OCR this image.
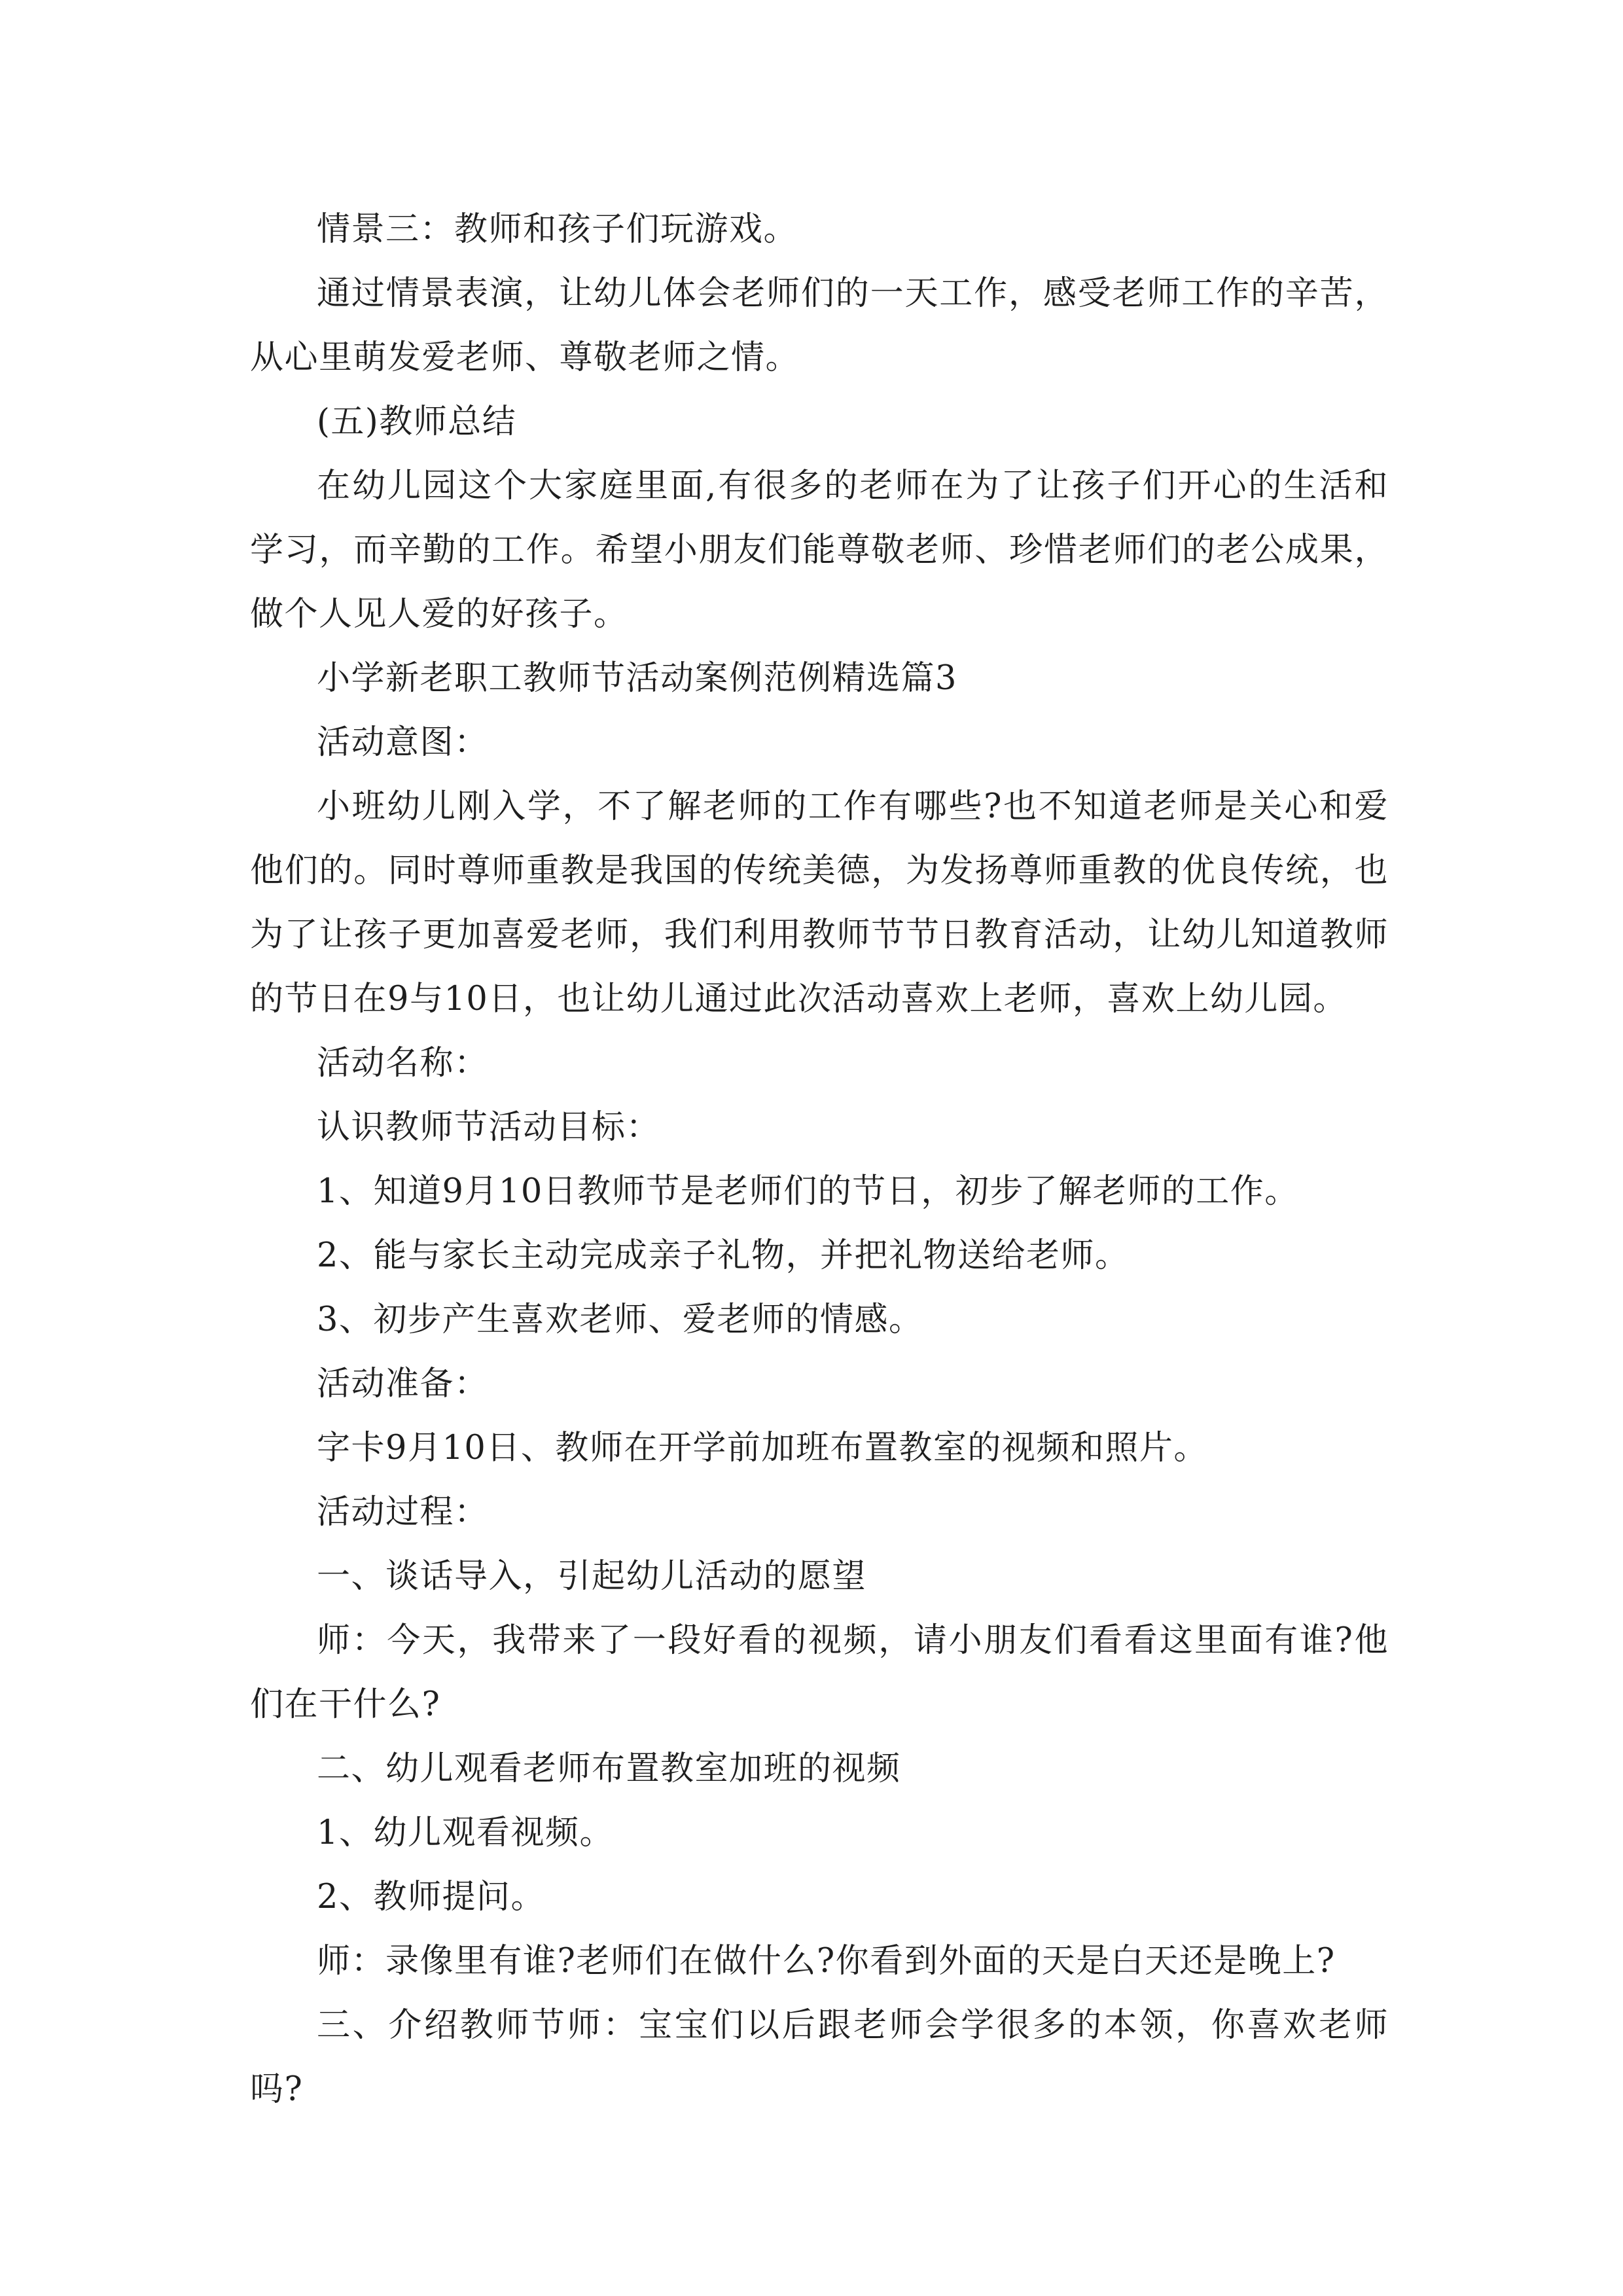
情景三：教师和孩子们玩游戏。

通过情景表演，让幼儿体会老师们的一天工作，感受老师工作的辛苦，从心里萌发爱老师、尊敬老师之情。

(五)教师总结

在幼儿园这个大家庭里面,有很多的老师在为了让孩子们开心的生活和学习，而辛勤的工作。希望小朋友们能尊敬老师、珍惜老师们的老公成果，做个人见人爱的好孩子。

小学新老职工教师节活动案例范例精选篇3

活动意图：

小班幼儿刚入学，不了解老师的工作有哪些?也不知道老师是关心和爱他们的。同时尊师重教是我国的传统美德，为发扬尊师重教的优良传统，也为了让孩子更加喜爱老师，我们利用教师节节日教育活动，让幼儿知道教师的节日在9与10日，也让幼儿通过此次活动喜欢上老师，喜欢上幼儿园。

活动名称：

认识教师节活动目标：

1、知道9月10日教师节是老师们的节日，初步了解老师的工作。

2、能与家长主动完成亲子礼物，并把礼物送给老师。

3、初步产生喜欢老师、爱老师的情感。

活动准备：

字卡9月10日、教师在开学前加班布置教室的视频和照片。

活动过程：

一、谈话导入，引起幼儿活动的愿望

师：今天，我带来了一段好看的视频，请小朋友们看看这里面有谁?他们在干什么?

二、幼儿观看老师布置教室加班的视频

1、幼儿观看视频。

2、教师提问。

师：录像里有谁?老师们在做什么?你看到外面的天是白天还是晚上?

三、介绍教师节师：宝宝们以后跟老师会学很多的本领，你喜欢老师吗?
